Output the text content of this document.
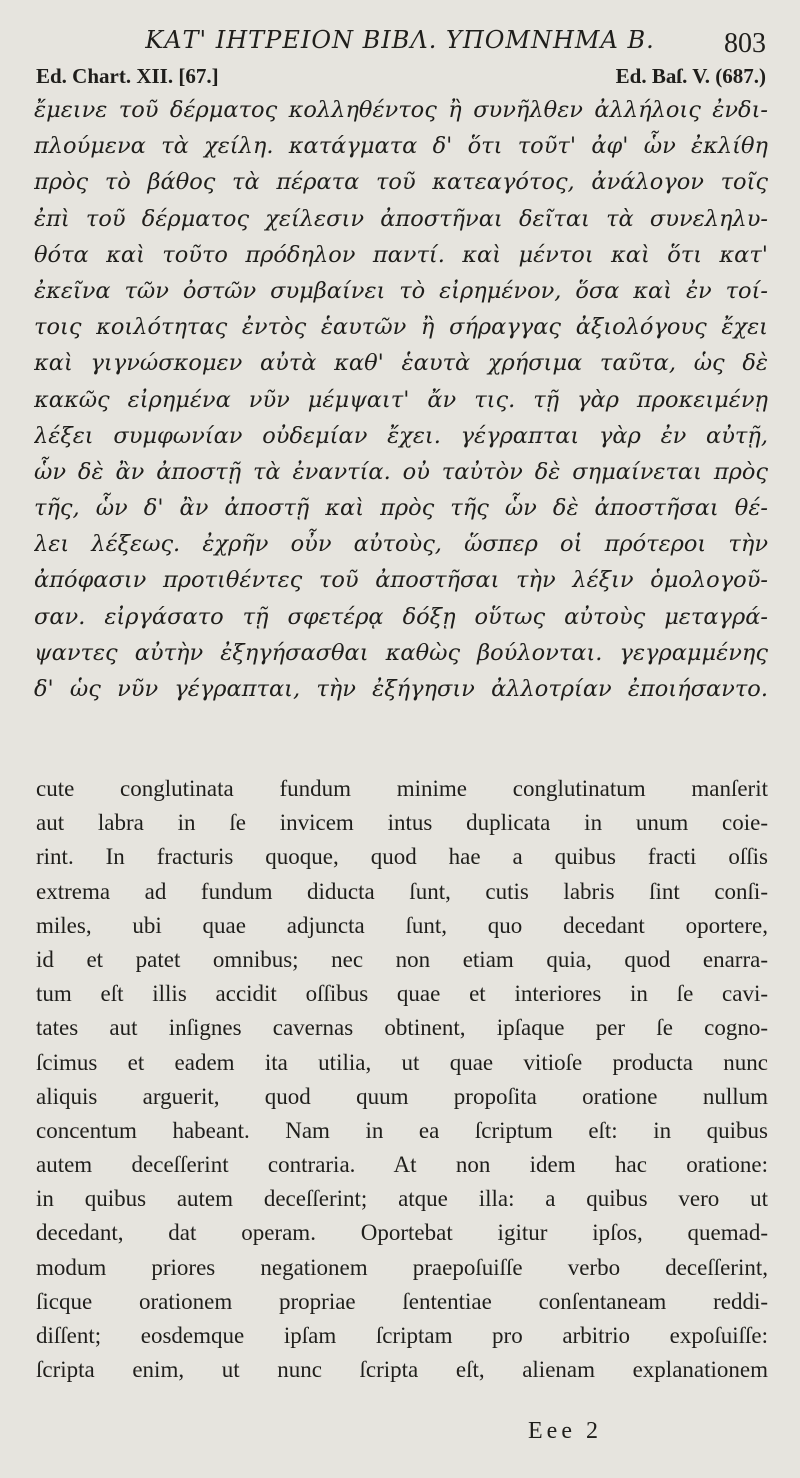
ΚΑΤ' ΙΗΤΡΕΙΟΝ ΒΙΒΛ. ΥΠΟΜΝΗΜΑ Β.	803
Ed. Chart. XII. [67.]	Ed. Baſ. V. (687.)
ἔμεινε τοῦ δέρματος κολληθέντος ἢ συνῆλθεν ἀλλήλοις ἐνδι-
πλούμενα τὰ χείλη. κατάγματα δ' ὅτι τοῦτ' ἀφ' ὧν ἐκλίθη
πρὸς τὸ βάθος τὰ πέρατα τοῦ κατεαγότος, ἀνάλογον τοῖς
ἐπὶ τοῦ δέρματος χείλεσιν ἀποστῆναι δεῖται τὰ συνεληλυ-
θότα καὶ τοῦτο πρόδηλον παντί. καὶ μέντοι καὶ ὅτι κατ'
ἐκεῖνα τῶν ὀστῶν συμβαίνει τὸ εἰρημένον, ὅσα καὶ ἐν τοί-
τοις κοιλότητας ἐντὸς ἑαυτῶν ἢ σήραγγας ἀξιολόγους ἔχει
καὶ γιγνώσκομεν αὐτὰ καθ' ἑαυτὰ χρήσιμα ταῦτα, ὡς δὲ
κακῶς εἰρημένα νῦν μέμψαιτ' ἄν τις. τῇ γὰρ προκειμένῃ
λέξει συμφωνίαν οὐδεμίαν ἔχει. γέγραπται γὰρ ἐν αὐτῇ,
ὧν δὲ ἂν ἀποστῇ τὰ ἐναντία. οὐ ταὐτὸν δὲ σημαίνεται πρὸς
τῆς, ὧν δ' ἂν ἀποστῇ καὶ πρὸς τῆς ὧν δὲ ἀποστῆσαι θέ-
λει λέξεως. ἐχρῆν οὖν αὐτοὺς, ὥσπερ οἱ πρότεροι τὴν
ἀπόφασιν προτιθέντες τοῦ ἀποστῆσαι τὴν λέξιν ὁμολογοῦ-
σαν. εἰργάσατο τῇ σφετέρᾳ δόξῃ οὕτως αὐτοὺς μεταγρά-
ψαντες αὐτὴν ἐξηγήσασθαι καθὼς βούλονται. γεγραμμένης
δ' ὡς νῦν γέγραπται, τὴν ἐξήγησιν ἀλλοτρίαν ἐποιήσαντο.
cute conglutinata fundum minime conglutinatum manſerit
aut labra in ſe invicem intus duplicata in unum coie-
rint. In fracturis quoque, quod hae a quibus fracti oſſis
extrema ad fundum diducta ſunt, cutis labris ſint conſi-
miles, ubi quae adjuncta ſunt, quo decedant oportere,
id et patet omnibus; nec non etiam quia, quod enarra-
tum eſt illis accidit oſſibus quae et interiores in ſe cavi-
tates aut inſignes cavernas obtinent, ipſaque per ſe cogno-
ſcimus et eadem ita utilia, ut quae vitioſe producta nunc
aliquis arguerit, quod quum propoſita oratione nullum
concentum habeant. Nam in ea ſcriptum eſt: in quibus
autem deceſſerint contraria. At non idem hac oratione:
in quibus autem deceſſerint; atque illa: a quibus vero ut
decedant, dat operam. Oportebat igitur ipſos, quemad-
modum priores negationem praepoſuiſſe verbo deceſſerint,
ſicque orationem propriae ſententiae conſentaneam reddi-
diſſent; eosdemque ipſam ſcriptam pro arbitrio expoſuiſſe:
ſcripta enim, ut nunc ſcripta eſt, alienam explanationem
Eee 2
